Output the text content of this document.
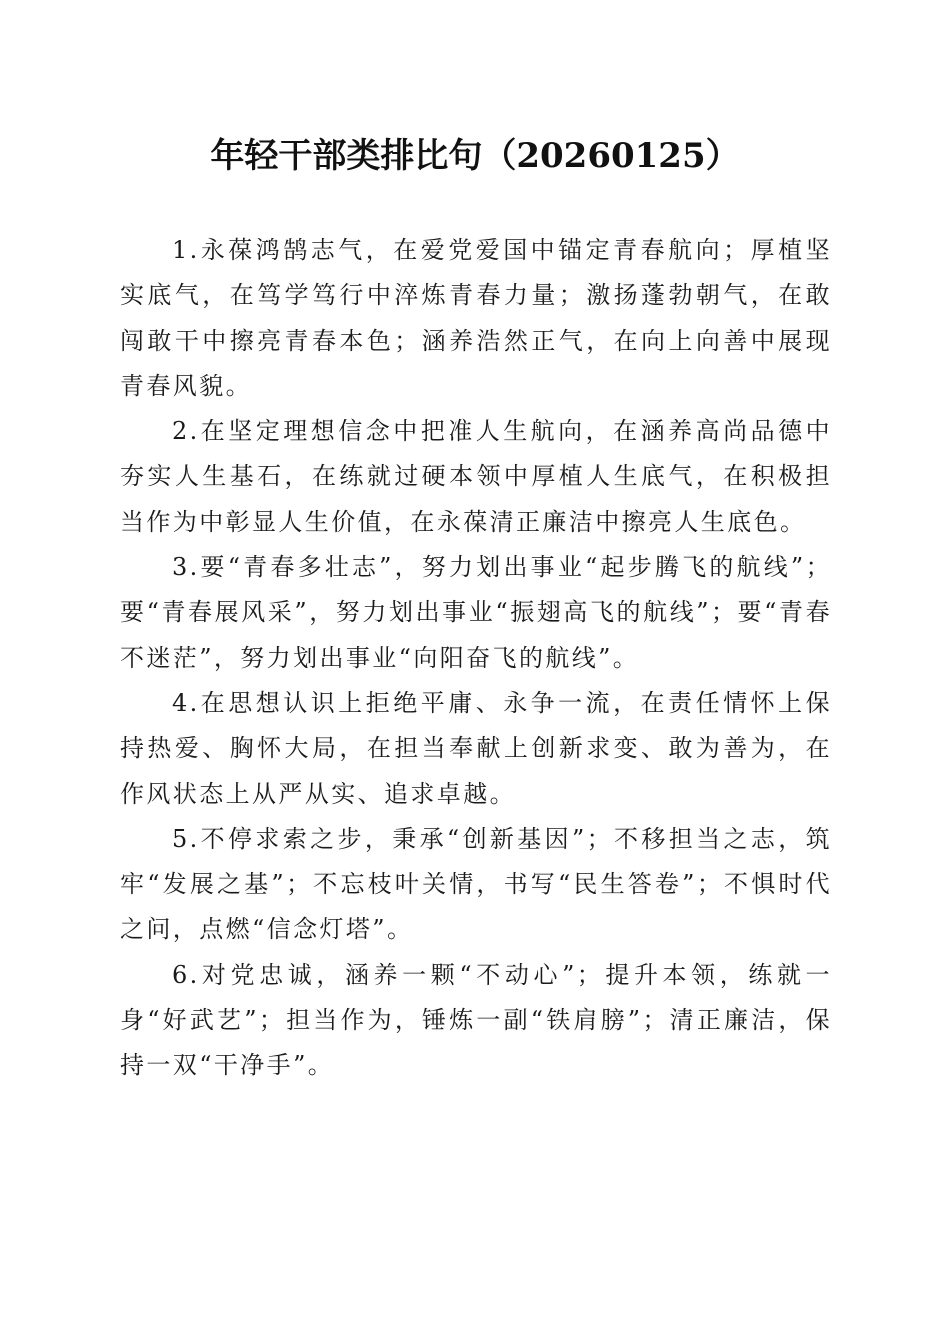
年轻干部类排比句（20260125）

1.永葆鸿鹄志气，在爱党爱国中锚定青春航向；厚植坚实底气，在笃学笃行中淬炼青春力量；激扬蓬勃朝气，在敢闯敢干中擦亮青春本色；涵养浩然正气，在向上向善中展现青春风貌。

2.在坚定理想信念中把准人生航向，在涵养高尚品德中夯实人生基石，在练就过硬本领中厚植人生底气，在积极担当作为中彰显人生价值，在永葆清正廉洁中擦亮人生底色。

3.要“青春多壮志”，努力划出事业“起步腾飞的航线”；要“青春展风采”，努力划出事业“振翅高飞的航线”；要“青春不迷茫”，努力划出事业“向阳奋飞的航线”。

4.在思想认识上拒绝平庸、永争一流，在责任情怀上保持热爱、胸怀大局，在担当奉献上创新求变、敢为善为，在作风状态上从严从实、追求卓越。

5.不停求索之步，秉承“创新基因”；不移担当之志，筑牢“发展之基”；不忘枝叶关情，书写“民生答卷”；不惧时代之问，点燃“信念灯塔”。

6.对党忠诚，涵养一颗“不动心”；提升本领，练就一身“好武艺”；担当作为，锤炼一副“铁肩膀”；清正廉洁，保持一双“干净手”。
